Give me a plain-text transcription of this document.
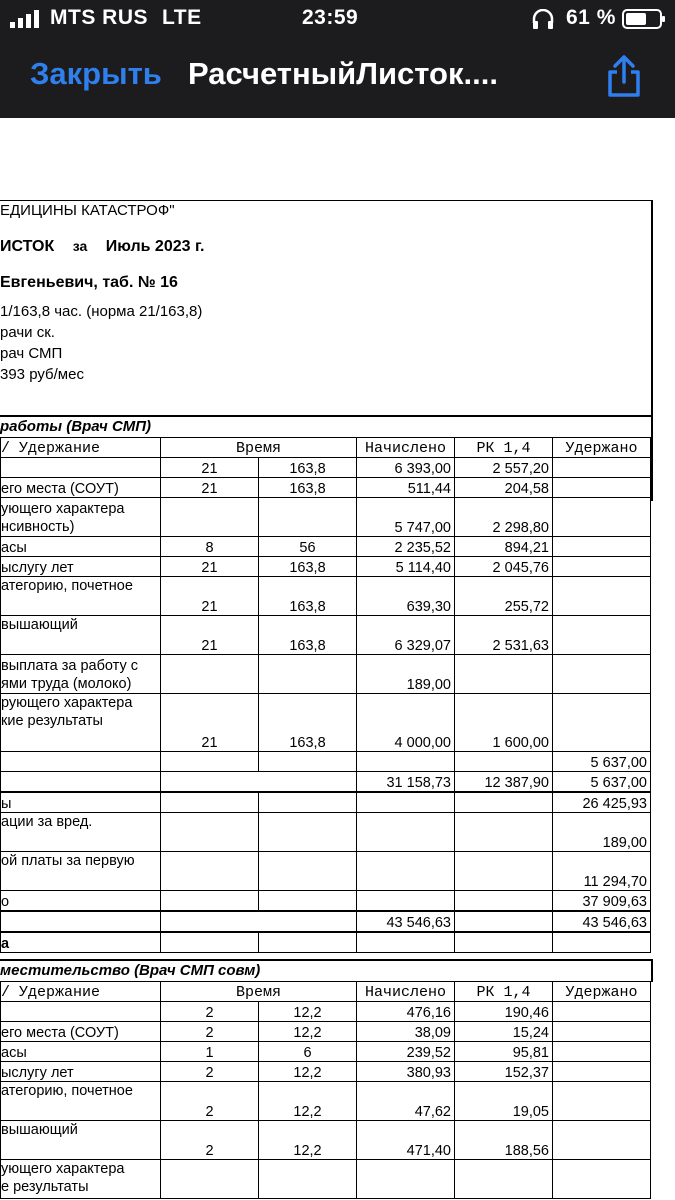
MTS RUS LTE	23:59	61 %
Закрыть РасчетныйЛисток....
ЕДИЦИНЫ КАТАСТРОФ"
ИСТОК за Июль 2023 г.
Евгеньевич, таб. № 16
1/163,8 час. (норма 21/163,8)
рачи ск.
рач СМП
393 руб/мес
работы (Врач СМП)
/ Удержание	Время		Начислено	РК 1,4	Удержано
	21	163,8	6 393,00	2 557,20	
его места (СОУТ)	21	163,8	511,44	204,58	
ующего характера
нсивность)			5 747,00	2 298,80	
асы	8	56	2 235,52	894,21	
ыслугу лет	21	163,8	5 114,40	2 045,76	
атегорию, почетное	21	163,8	639,30	255,72	
вышающий	21	163,8	6 329,07	2 531,63	
выплата за работу с
ями труда (молоко)			189,00		
рующего характера
кие результаты	21	163,8	4 000,00	1 600,00	
					5 637,00
			31 158,73	12 387,90	5 637,00
ы					26 425,93
ации за вред.					189,00
ой платы за первую					11 294,70
о					37 909,63
			43 546,63		43 546,63
а					
местительство (Врач СМП совм)
/ Удержание	Время		Начислено	РК 1,4	Удержано
	2	12,2	476,16	190,46	
его места (СОУТ)	2	12,2	38,09	15,24	
асы	1	6	239,52	95,81	
ыслугу лет	2	12,2	380,93	152,37	
атегорию, почетное	2	12,2	47,62	19,05	
вышающий	2	12,2	471,40	188,56	
ующего характера
е результаты					
